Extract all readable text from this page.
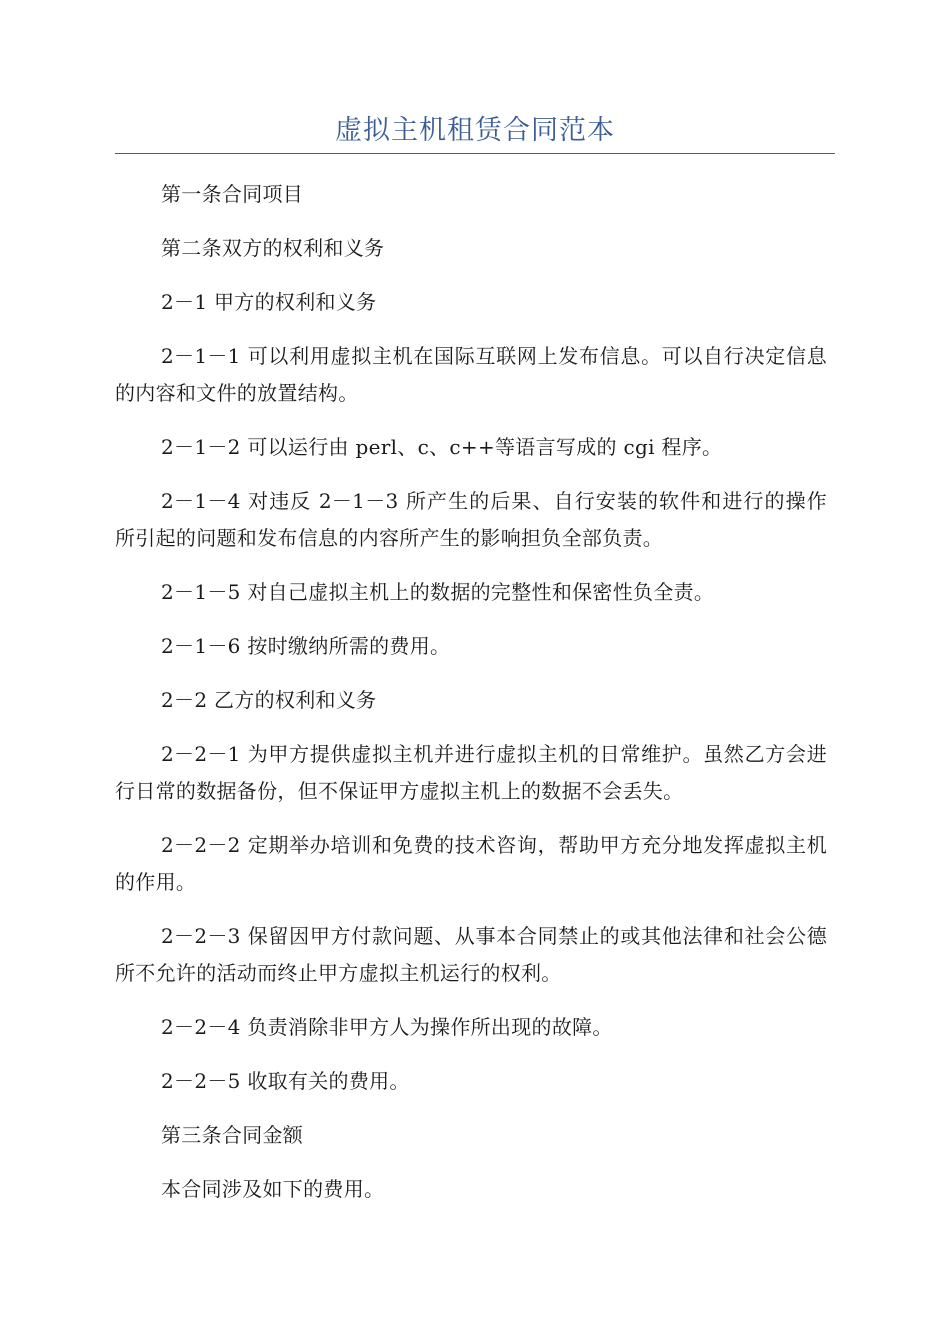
虚拟主机租赁合同范本

第一条合同项目

第二条双方的权利和义务

2－1 甲方的权利和义务

2－1－1 可以利用虚拟主机在国际互联网上发布信息。可以自行决定信息的内容和文件的放置结构。

2－1－2 可以运行由 perl、c、c++等语言写成的 cgi 程序。

2－1－4 对违反 2－1－3 所产生的后果、自行安装的软件和进行的操作所引起的问题和发布信息的内容所产生的影响担负全部负责。

2－1－5 对自己虚拟主机上的数据的完整性和保密性负全责。

2－1－6 按时缴纳所需的费用。

2－2 乙方的权利和义务

2－2－1 为甲方提供虚拟主机并进行虚拟主机的日常维护。虽然乙方会进行日常的数据备份，但不保证甲方虚拟主机上的数据不会丢失。

2－2－2 定期举办培训和免费的技术咨询，帮助甲方充分地发挥虚拟主机的作用。

2－2－3 保留因甲方付款问题、从事本合同禁止的或其他法律和社会公德所不允许的活动而终止甲方虚拟主机运行的权利。

2－2－4 负责消除非甲方人为操作所出现的故障。

2－2－5 收取有关的费用。

第三条合同金额

本合同涉及如下的费用。
